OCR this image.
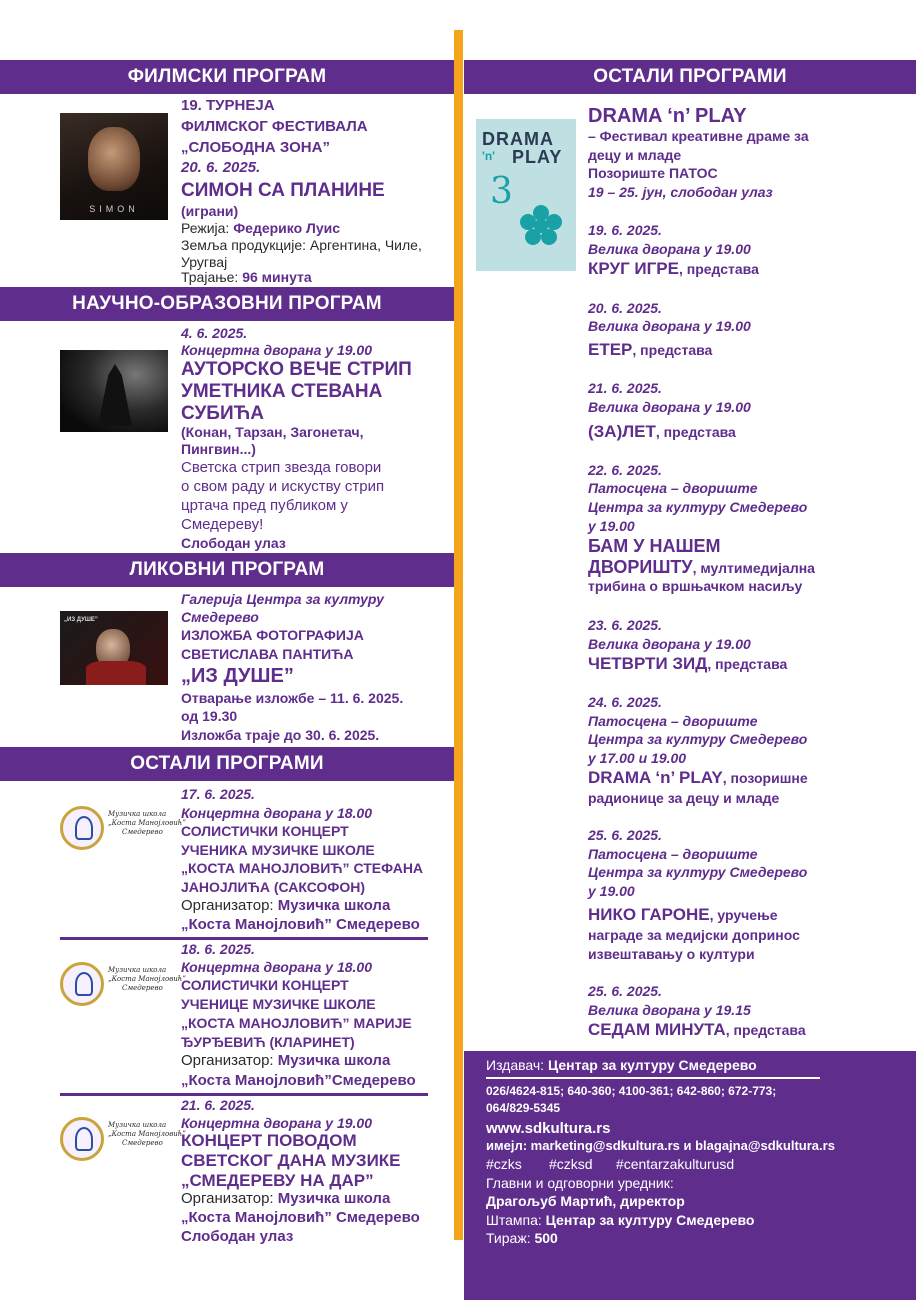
ФИЛМСКИ ПРОГРАМ
SIMON

19. ТУРНЕЈА

ФИЛМСКОГ ФЕСТИВАЛА

„СЛОБОДНА ЗОНА”

20. 6. 2025.

СИМОН СА ПЛАНИНЕ

(играни)

Режија: Федерико Луис

Земља продукције: Аргентина, Чиле,

Уругвај

Трајање: 96 минута

НАУЧНО-ОБРАЗОВНИ ПРОГРАМ

4. 6. 2025.

Концертна дворана у 19.00

АУТОРСКО ВЕЧЕ СТРИП

УМЕТНИКА СТЕВАНА

СУБИЋА

(Конан, Тарзан, Загонетач,

Пингвин...)

Светска стрип звезда говори

о свом раду и искуству стрип

цртача пред публиком у

Смедереву!

Слободан улаз

ЛИКОВНИ ПРОГРАМ
„ИЗ ДУШЕ”

Галерија Центра за културу

Смедерево

ИЗЛОЖБА ФОТОГРАФИЈА

СВЕТИСЛАВА ПАНТИЋА

„ИЗ ДУШЕ”

Отварање изложбе – 11. 6. 2025.

од 19.30

Изложба траје до 30. 6. 2025.

ОСТАЛИ ПРОГРАМИ
Музичка школа
„Коста Манојловић”
Смедерево

17. 6. 2025.

Концертна дворана у 18.00

СОЛИСТИЧКИ КОНЦЕРТ

УЧЕНИКА МУЗИЧКЕ ШКОЛЕ

„КОСТА МАНОЈЛОВИЋ” СТЕФАНА

ЈАНОЈЛИЋА (САКСОФОН)

Организатор: Музичка школа

„Коста Манојловић” Смедерево

Музичка школа
„Коста Манојловић”
Смедерево

18. 6. 2025.

Концертна дворана у 18.00

СОЛИСТИЧКИ КОНЦЕРТ

УЧЕНИЦЕ МУЗИЧКЕ ШКОЛЕ

„КОСТА МАНОЈЛОВИЋ” МАРИЈЕ

ЂУРЂЕВИЋ (КЛАРИНЕТ)

Организатор: Музичка школа

„Коста Манојловић”Смедерево

Музичка школа
„Коста Манојловић”
Смедерево

21. 6. 2025.

Концертна дворана у 19.00

КОНЦЕРТ ПОВОДОМ

СВЕТСКОГ ДАНА МУЗИКЕ

„СМЕДЕРЕВУ НА ДАР”

Организатор: Музичка школа

„Коста Манојловић” Смедерево

Слободан улаз

ОСТАЛИ ПРОГРАМИ
DRAMA
'n' PLAY
3

DRAMA ‘n’ PLAY

– Фестивал креативне драме за

децу и младе

Позориште ПАТОС

19 – 25. јун, слободан улаз

19. 6. 2025.

Велика дворана у 19.00

КРУГ ИГРЕ, представа

20. 6. 2025.

Велика дворана у 19.00

ЕТЕР, представа

21. 6. 2025.

Велика дворана у 19.00

(ЗА)ЛЕТ, представа

22. 6. 2025.

Патосцена – двориште

Центра за културу Смедерево

у 19.00

БАМ У НАШЕМ

ДВОРИШТУ, мултимедијална

трибина о вршњачком насиљу

23. 6. 2025.

Велика дворана у 19.00

ЧЕТВРТИ ЗИД, представа

24. 6. 2025.

Патосцена – двориште

Центра за културу Смедерево

у 17.00 и 19.00

DRAMA ‘n’ PLAY, позоришне

радионице за децу и младе

25. 6. 2025.

Патосцена – двориште

Центра за културу Смедерево

у 19.00

НИКО ГАРОНЕ, уручење

награде за медијски допринос

извештавању о култури

25. 6. 2025.

Велика дворана у 19.15

СЕДАМ МИНУТА, представа

Издавач: Центар за културу Смедерево

026/4624-815; 640-360; 4100-361; 642-860; 672-773;

064/829-5345

www.sdkultura.rs

имејл: marketing@sdkultura.rs и blagajna@sdkultura.rs

#czks       #czksd      #centarzakulturusd

Главни и одговорни уредник:

Драгољуб Мартић, директор

Штампа: Центар за културу Смедерево

Тираж: 500
